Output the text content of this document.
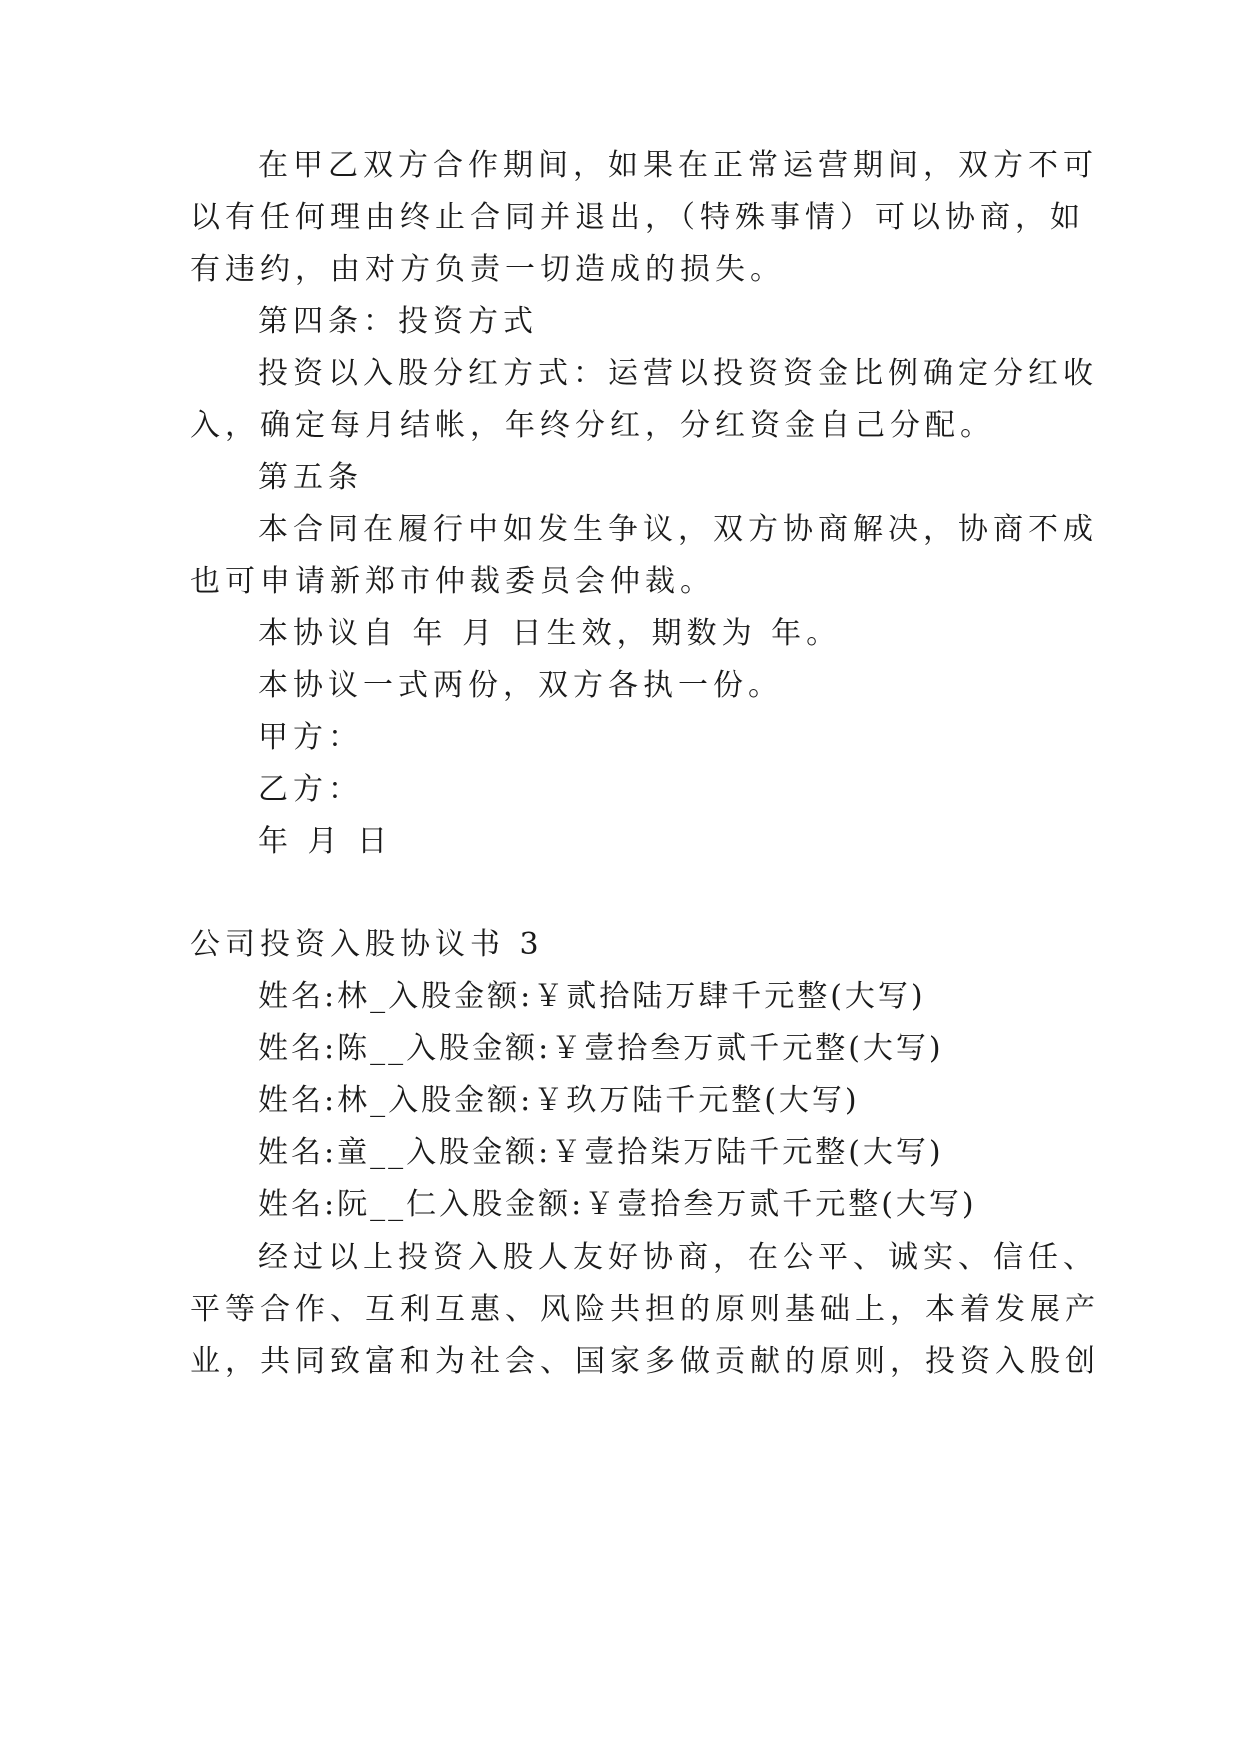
在甲乙双方合作期间，如果在正常运营期间，双方不可
以有任何理由终止合同并退出，（特殊事情）可以协商，如
有违约，由对方负责一切造成的损失。
第四条：投资方式
投资以入股分红方式：运营以投资资金比例确定分红收
入，确定每月结帐，年终分红，分红资金自己分配。
第五条
本合同在履行中如发生争议，双方协商解决，协商不成
也可申请新郑市仲裁委员会仲裁。
本协议自 年 月 日生效，期数为 年。
本协议一式两份，双方各执一份。
甲方：
乙方：
年 月 日
公司投资入股协议书 3
姓名:林_入股金额:￥贰拾陆万肆千元整(大写)
姓名:陈__入股金额:￥壹拾叁万贰千元整(大写)
姓名:林_入股金额:￥玖万陆千元整(大写)
姓名:童__入股金额:￥壹拾柒万陆千元整(大写)
姓名:阮__仁入股金额:￥壹拾叁万贰千元整(大写)
经过以上投资入股人友好协商，在公平、诚实、信任、
平等合作、互利互惠、风险共担的原则基础上，本着发展产
业，共同致富和为社会、国家多做贡献的原则，投资入股创
